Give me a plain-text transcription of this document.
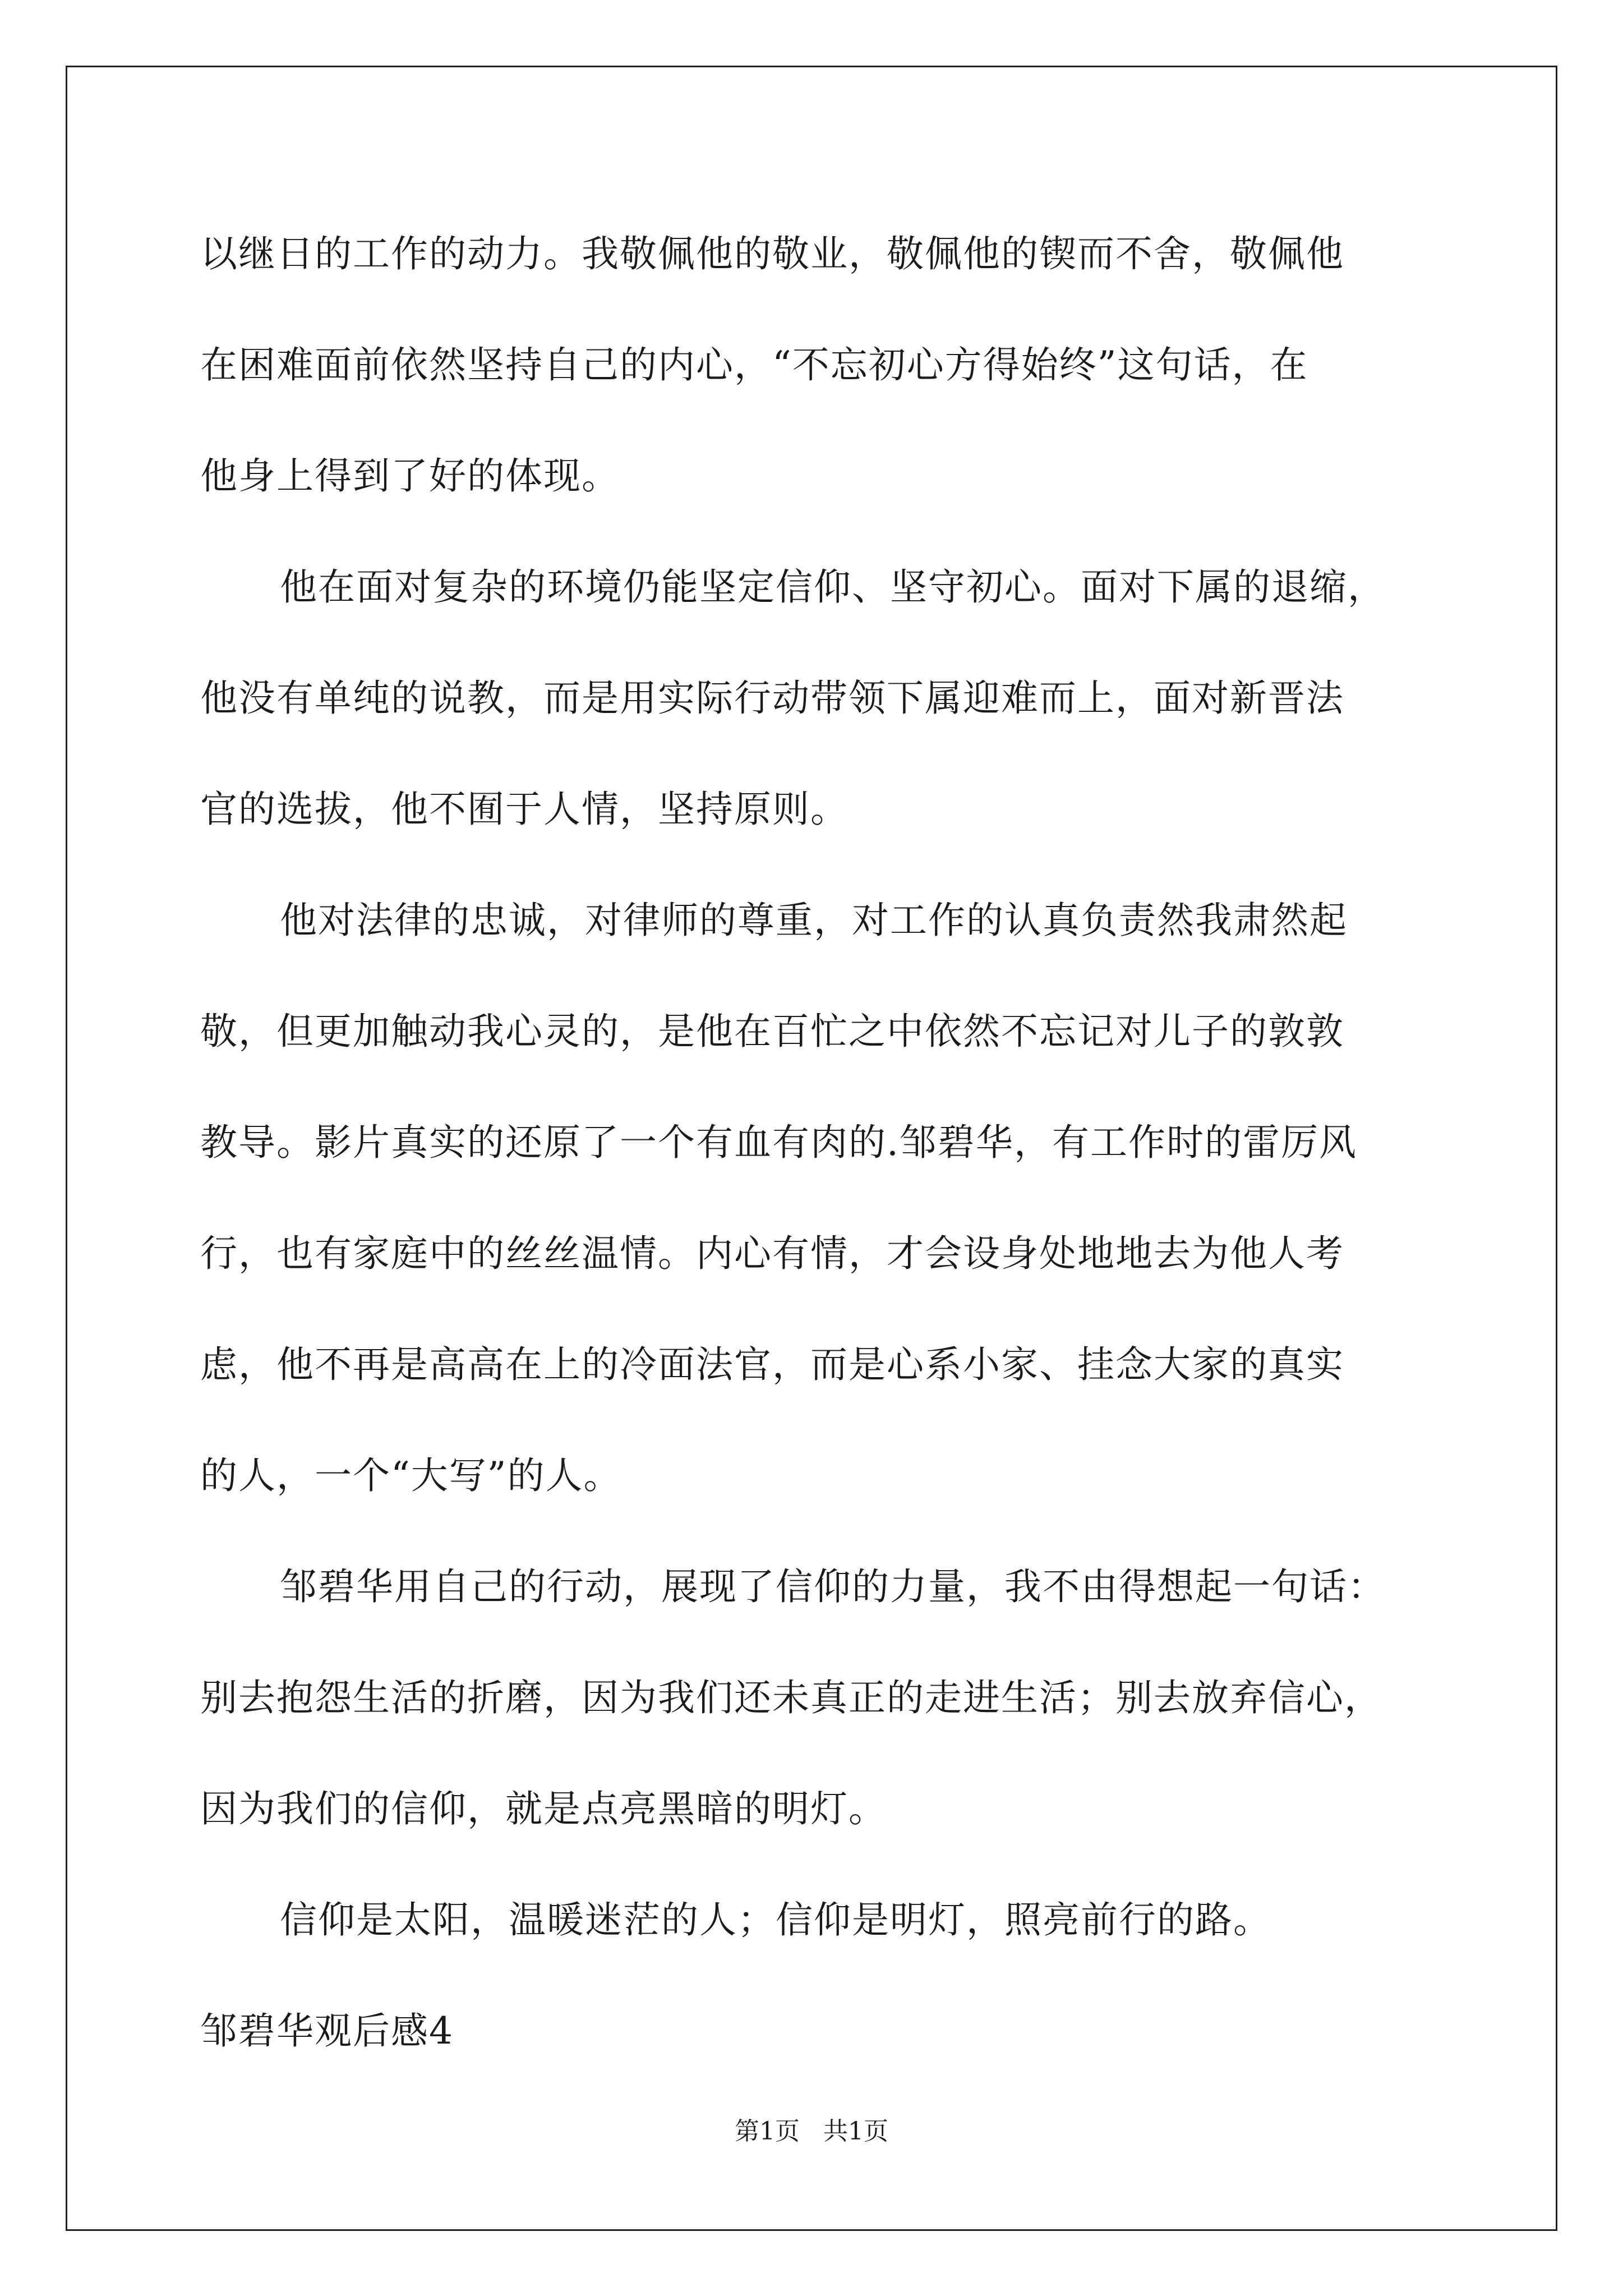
以继日的工作的动力。我敬佩他的敬业，敬佩他的锲而不舍，敬佩他
在困难面前依然坚持自己的内心，“不忘初心方得始终”这句话，在
他身上得到了好的体现。
他在面对复杂的环境仍能坚定信仰、坚守初心。面对下属的退缩，
他没有单纯的说教，而是用实际行动带领下属迎难而上，面对新晋法
官的选拔，他不囿于人情，坚持原则。
他对法律的忠诚，对律师的尊重，对工作的认真负责然我肃然起
敬，但更加触动我心灵的，是他在百忙之中依然不忘记对儿子的敦敦
教导。影片真实的还原了一个有血有肉的.邹碧华，有工作时的雷厉风
行，也有家庭中的丝丝温情。内心有情，才会设身处地地去为他人考
虑，他不再是高高在上的冷面法官，而是心系小家、挂念大家的真实
的人，一个“大写”的人。
邹碧华用自己的行动，展现了信仰的力量，我不由得想起一句话：
别去抱怨生活的折磨，因为我们还未真正的走进生活；别去放弃信心，
因为我们的信仰，就是点亮黑暗的明灯。
信仰是太阳，温暖迷茫的人；信仰是明灯，照亮前行的路。
邹碧华观后感4
第1页   共1页
